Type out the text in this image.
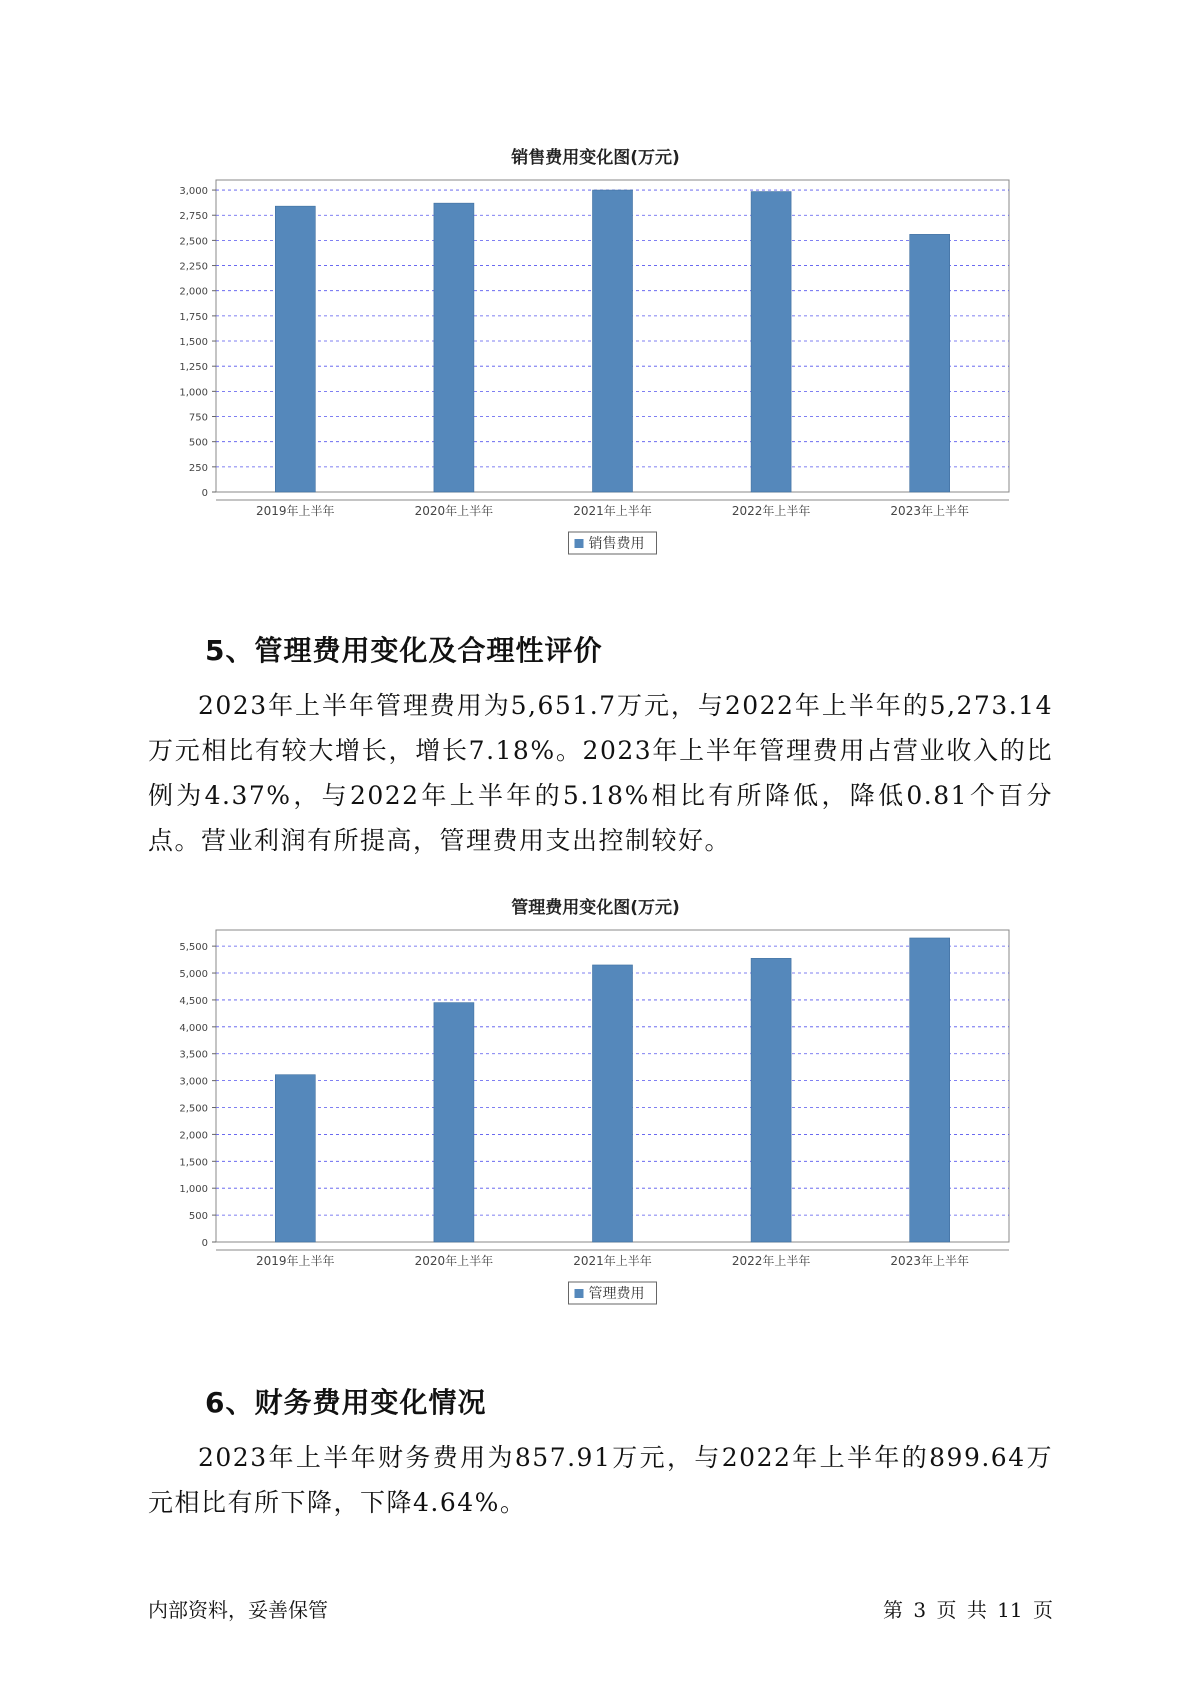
销售费用变化图(万元)
0
250
500
750
1,000
1,250
1,500
1,750
2,000
2,250
2,500
2,750
3,000
2019年上半年	2020年上半年	2021年上半年	2022年上半年	2023年上半年
销售费用
5、管理费用变化及合理性评价

2023年上半年管理费用为5,651.7万元，与2022年上半年的5,273.14万元相比有较大增长，增长7.18%。2023年上半年管理费用占营业收入的比例为4.37%，与2022年上半年的5.18%相比有所降低，降低0.81个百分点。营业利润有所提高，管理费用支出控制较好。

管理费用变化图(万元)
0
500
1,000
1,500
2,000
2,500
3,000
3,500
4,000
4,500
5,000
5,500
2019年上半年	2020年上半年	2021年上半年	2022年上半年	2023年上半年
管理费用
6、财务费用变化情况

2023年上半年财务费用为857.91万元，与2022年上半年的899.64万元相比有所下降，下降4.64%。

内部资料，妥善保管	第 3 页 共 11 页
